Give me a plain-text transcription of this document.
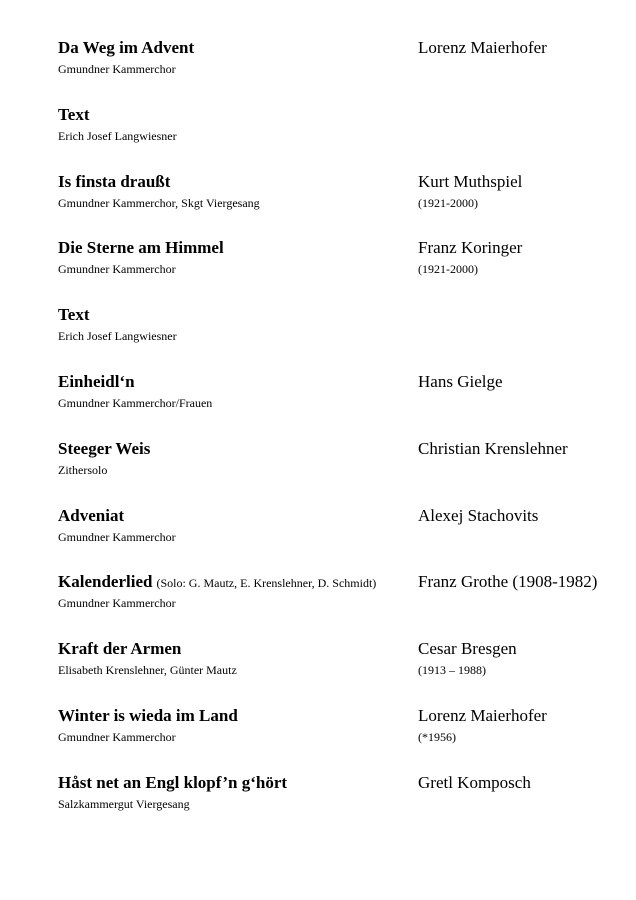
Da Weg im Advent
Gmundner Kammerchor
Lorenz Maierhofer
Text
Erich Josef Langwiesner
Is finsta draußt
Gmundner Kammerchor, Skgt Viergesang
Kurt Muthspiel
(1921-2000)
Die Sterne am Himmel
Gmundner Kammerchor
Franz Koringer
(1921-2000)
Text
Erich Josef Langwiesner
Einheidl‘n
Gmundner Kammerchor/Frauen
Hans Gielge
Steeger Weis
Zithersolo
Christian Krenslehner
Adveniat
Gmundner Kammerchor
Alexej Stachovits
Kalenderlied (Solo: G. Mautz, E. Krenslehner, D. Schmidt)
Gmundner Kammerchor
Franz Grothe (1908-1982)
Kraft der Armen
Elisabeth Krenslehner, Günter Mautz
Cesar Bresgen
(1913 – 1988)
Winter is wieda im Land
Gmundner Kammerchor
Lorenz Maierhofer
(*1956)
Håst net an Engl klopf’n g‘hört
Salzkammergut Viergesang
Gretl Komposch
